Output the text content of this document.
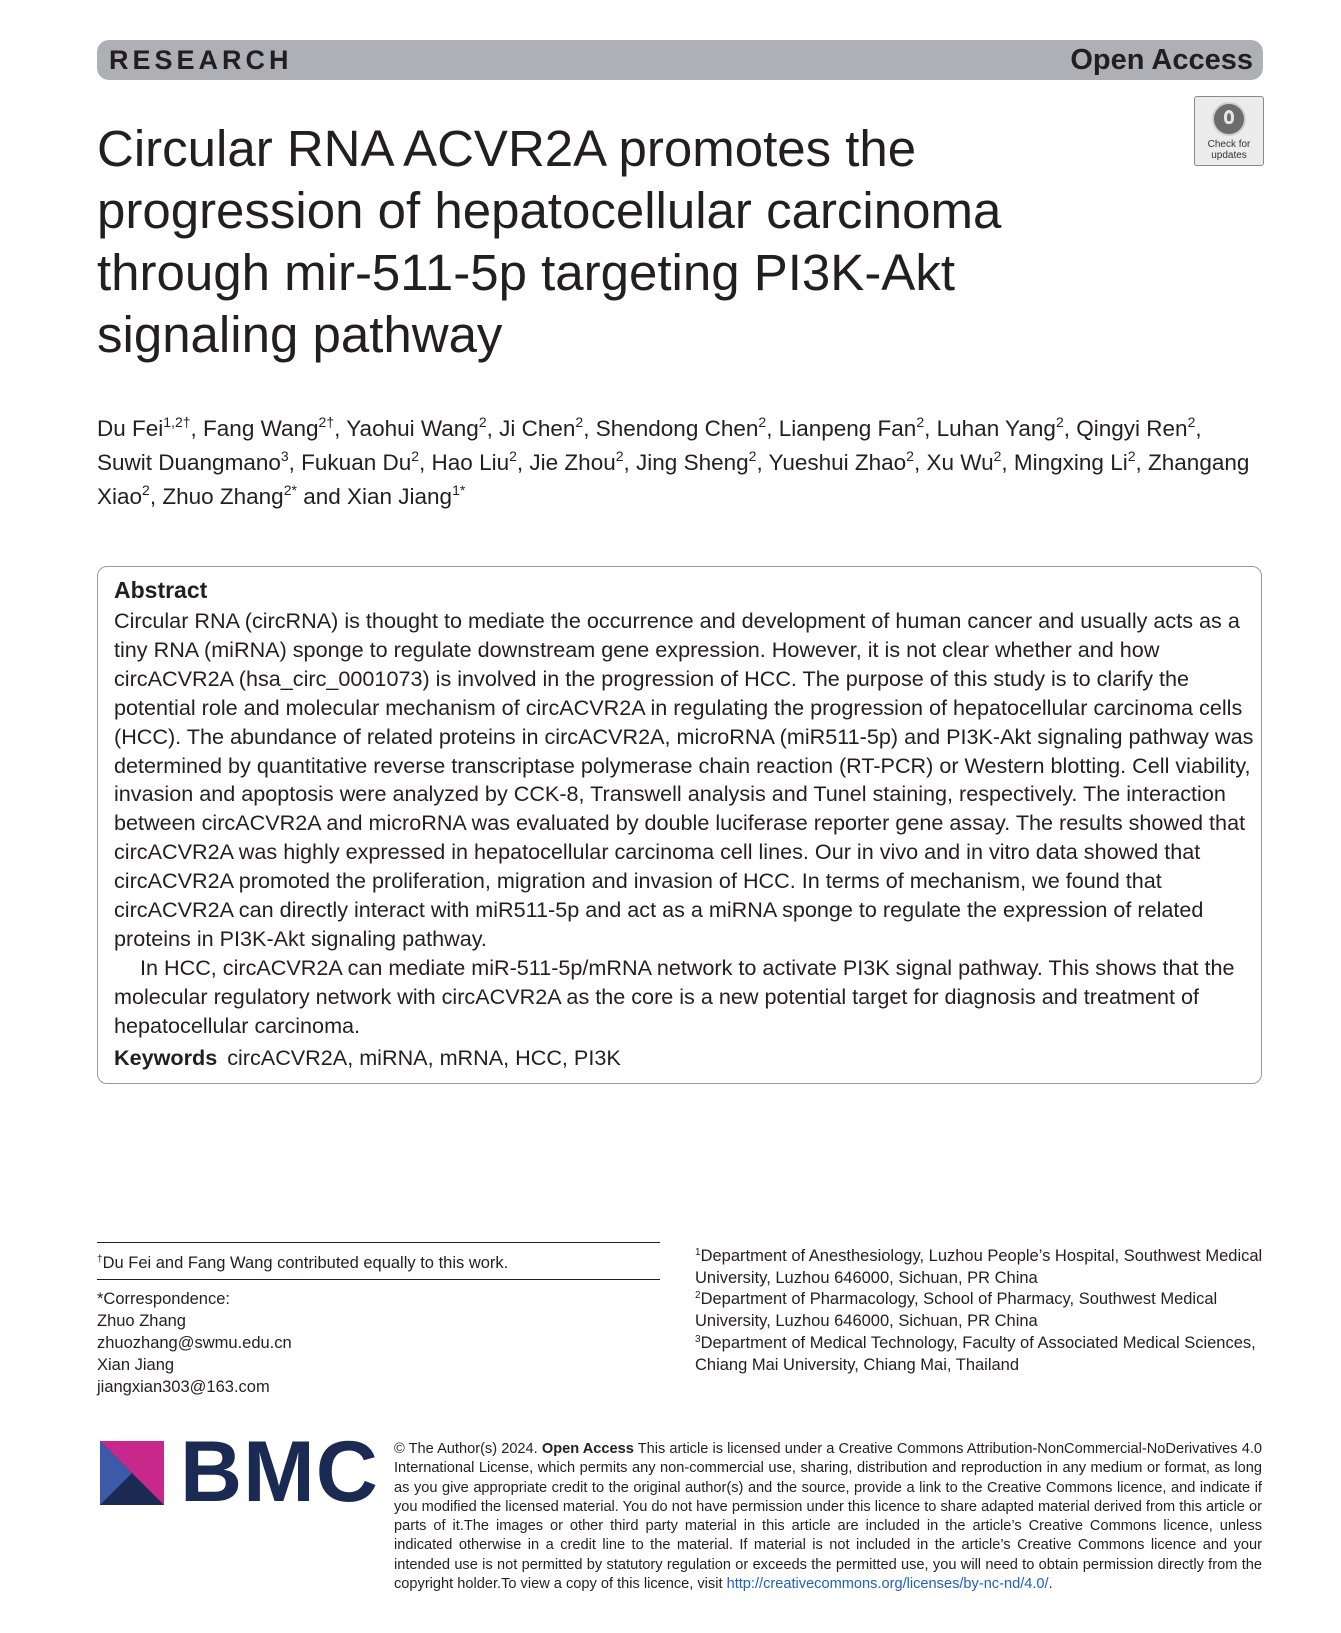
RESEARCH	Open Access
Check for
updates
Circular RNA ACVR2A promotes the progression of hepatocellular carcinoma through mir-511-5p targeting PI3K-Akt signaling pathway
Du Fei$^{1,2\dagger}$, Fang Wang$^{2\dagger}$, Yaohui Wang$^2$, Ji Chen$^2$, Shendong Chen$^2$, Lianpeng Fan$^2$, Luhan Yang$^2$, Qingyi Ren$^2$, Suwit Duangmano$^3$, Fukuan Du$^2$, Hao Liu$^2$, Jie Zhou$^2$, Jing Sheng$^2$, Yueshui Zhao$^2$, Xu Wu$^2$, Mingxing Li$^2$, Zhangang Xiao$^2$, Zhuo Zhang$^{2*}$ and Xian Jiang$^{1*}$
Abstract

Circular RNA (circRNA) is thought to mediate the occurrence and development of human cancer and usually acts as a tiny RNA (miRNA) sponge to regulate downstream gene expression. However, it is not clear whether and how circACVR2A (hsa_circ_0001073) is involved in the progression of HCC. The purpose of this study is to clarify the potential role and molecular mechanism of circACVR2A in regulating the progression of hepatocellular carcinoma cells (HCC). The abundance of related proteins in circACVR2A, microRNA (miR511-5p) and PI3K-Akt signaling pathway was determined by quantitative reverse transcriptase polymerase chain reaction (RT-PCR) or Western blotting. Cell viability, invasion and apoptosis were analyzed by CCK-8, Transwell analysis and Tunel staining, respectively. The interaction between circACVR2A and microRNA was evaluated by double luciferase reporter gene assay. The results showed that circACVR2A was highly expressed in hepatocellular carcinoma cell lines. Our in vivo and in vitro data showed that circACVR2A promoted the proliferation, migration and invasion of HCC. In terms of mechanism, we found that circACVR2A can directly interact with miR511-5p and act as a miRNA sponge to regulate the expression of related proteins in PI3K-Akt signaling pathway.

In HCC, circACVR2A can mediate miR-511-5p/mRNA network to activate PI3K signal pathway. This shows that the molecular regulatory network with circACVR2A as the core is a new potential target for diagnosis and treatment of hepatocellular carcinoma.

Keywords circACVR2A, miRNA, mRNA, HCC, PI3K
†Du Fei and Fang Wang contributed equally to this work.
*Correspondence:
Zhuo Zhang
zhuozhang@swmu.edu.cn
Xian Jiang
jiangxian303@163.com

$^1$Department of Anesthesiology, Luzhou People’s Hospital, Southwest Medical University, Luzhou 646000, Sichuan, PR China

$^2$Department of Pharmacology, School of Pharmacy, Southwest Medical University, Luzhou 646000, Sichuan, PR China

$^3$Department of Medical Technology, Faculty of Associated Medical Sciences, Chiang Mai University, Chiang Mai, Thailand

BMC © The Author(s) 2024. Open Access This article is licensed under a Creative Commons Attribution-NonCommercial-NoDerivatives 4.0 International License, which permits any non-commercial use, sharing, distribution and reproduction in any medium or format, as long as you give appropriate credit to the original author(s) and the source, provide a link to the Creative Commons licence, and indicate if you modified the licensed material. You do not have permission under this licence to share adapted material derived from this article or parts of it.The images or other third party material in this article are included in the article’s Creative Commons licence, unless indicated otherwise in a credit line to the material. If material is not included in the article’s Creative Commons licence and your intended use is not permitted by statutory regulation or exceeds the permitted use, you will need to obtain permission directly from the copyright holder.To view a copy of this licence, visit http://creativecommons.org/licenses/by-nc-nd/4.0/.
